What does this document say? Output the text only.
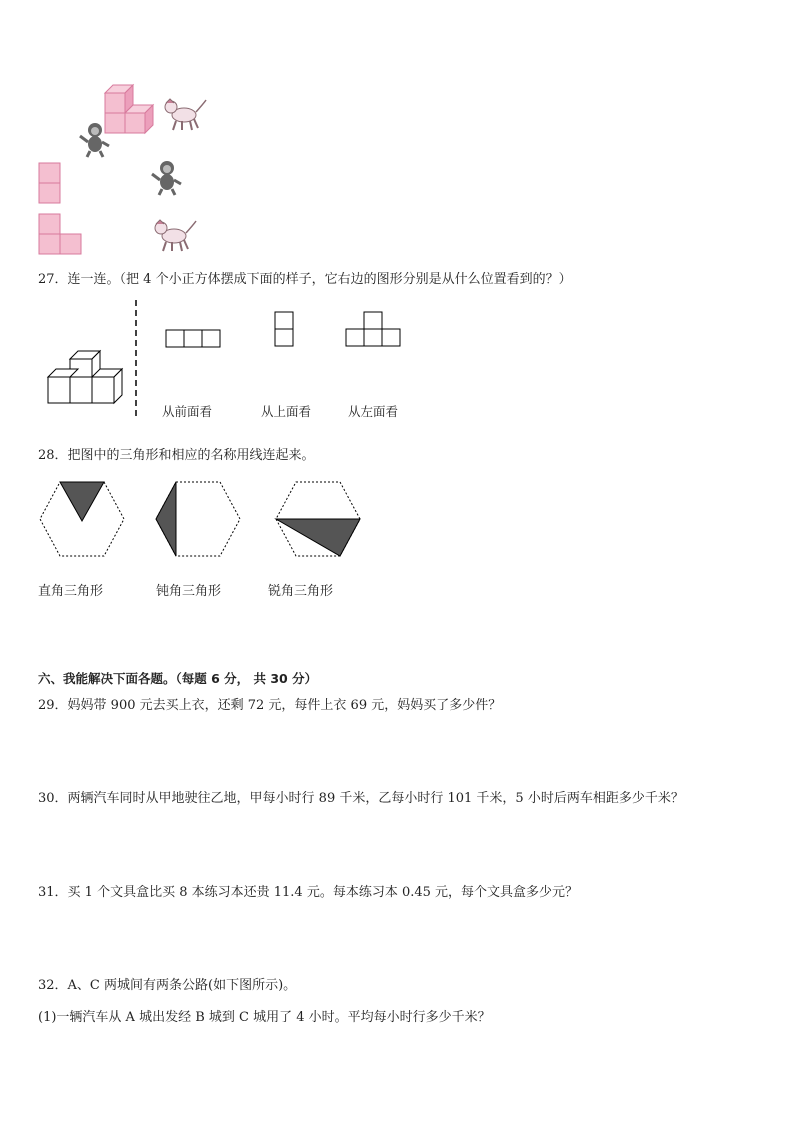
27．连一连。（把 4 个小正方体摆成下面的样子，它右边的图形分别是从什么位置看到的？）
从前面看	从上面看	从左面看
28．把图中的三角形和相应的名称用线连起来。
直角三角形	钝角三角形	锐角三角形
六、我能解决下面各题。（每题 6 分， 共 30 分）
29．妈妈带 900 元去买上衣，还剩 72 元，每件上衣 69 元，妈妈买了多少件？
30．两辆汽车同时从甲地驶往乙地，甲每小时行 89 千米，乙每小时行 101 千米，5 小时后两车相距多少千米？
31．买 1 个文具盒比买 8 本练习本还贵 11.4 元。每本练习本 0.45 元，每个文具盒多少元？
32．A、C 两城间有两条公路(如下图所示)。
(1)一辆汽车从 A 城出发经 B 城到 C 城用了 4 小时。平均每小时行多少千米？
